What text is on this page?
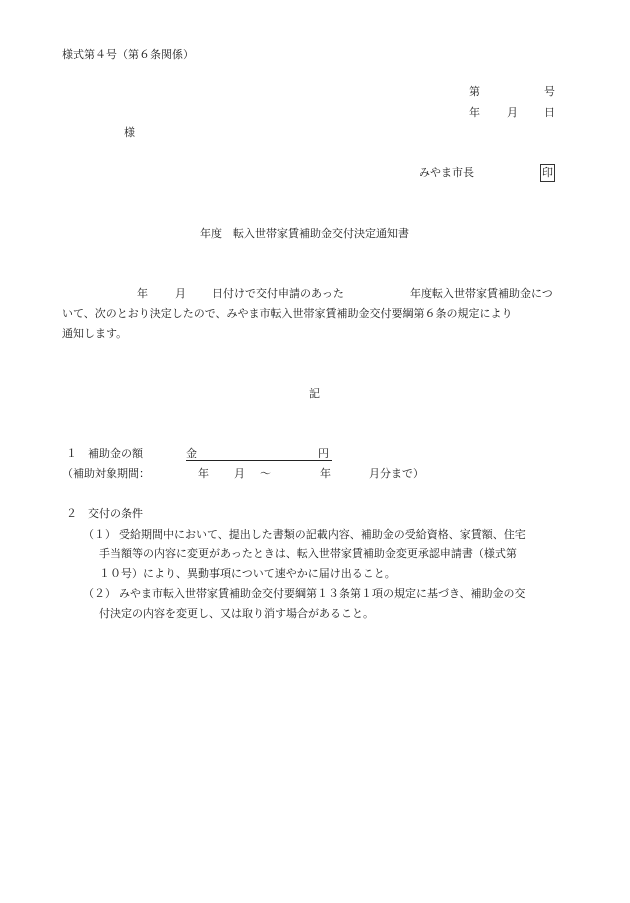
様式第４号（第６条関係）
第	号
年 月 日
様
みやま市長	印
年度　転入世帯家賃補助金交付決定通知書
年 月 日付けで交付申請のあった	年度転入世帯家賃補助金につ
いて、次のとおり決定したので、みやま市転入世帯家賃補助金交付要綱第６条の規定により
通知します。
記
１　補助金の額	金	円
（補助対象期間：	年 月 ～	年	月分まで）
２　交付の条件
（１） 受給期間中において、提出した書類の記載内容、補助金の受給資格、家賃額、住宅
手当額等の内容に変更があったときは、転入世帯家賃補助金変更承認申請書（様式第
１０号）により、異動事項について速やかに届け出ること。
（２） みやま市転入世帯家賃補助金交付要綱第１３条第１項の規定に基づき、補助金の交
付決定の内容を変更し、又は取り消す場合があること。
